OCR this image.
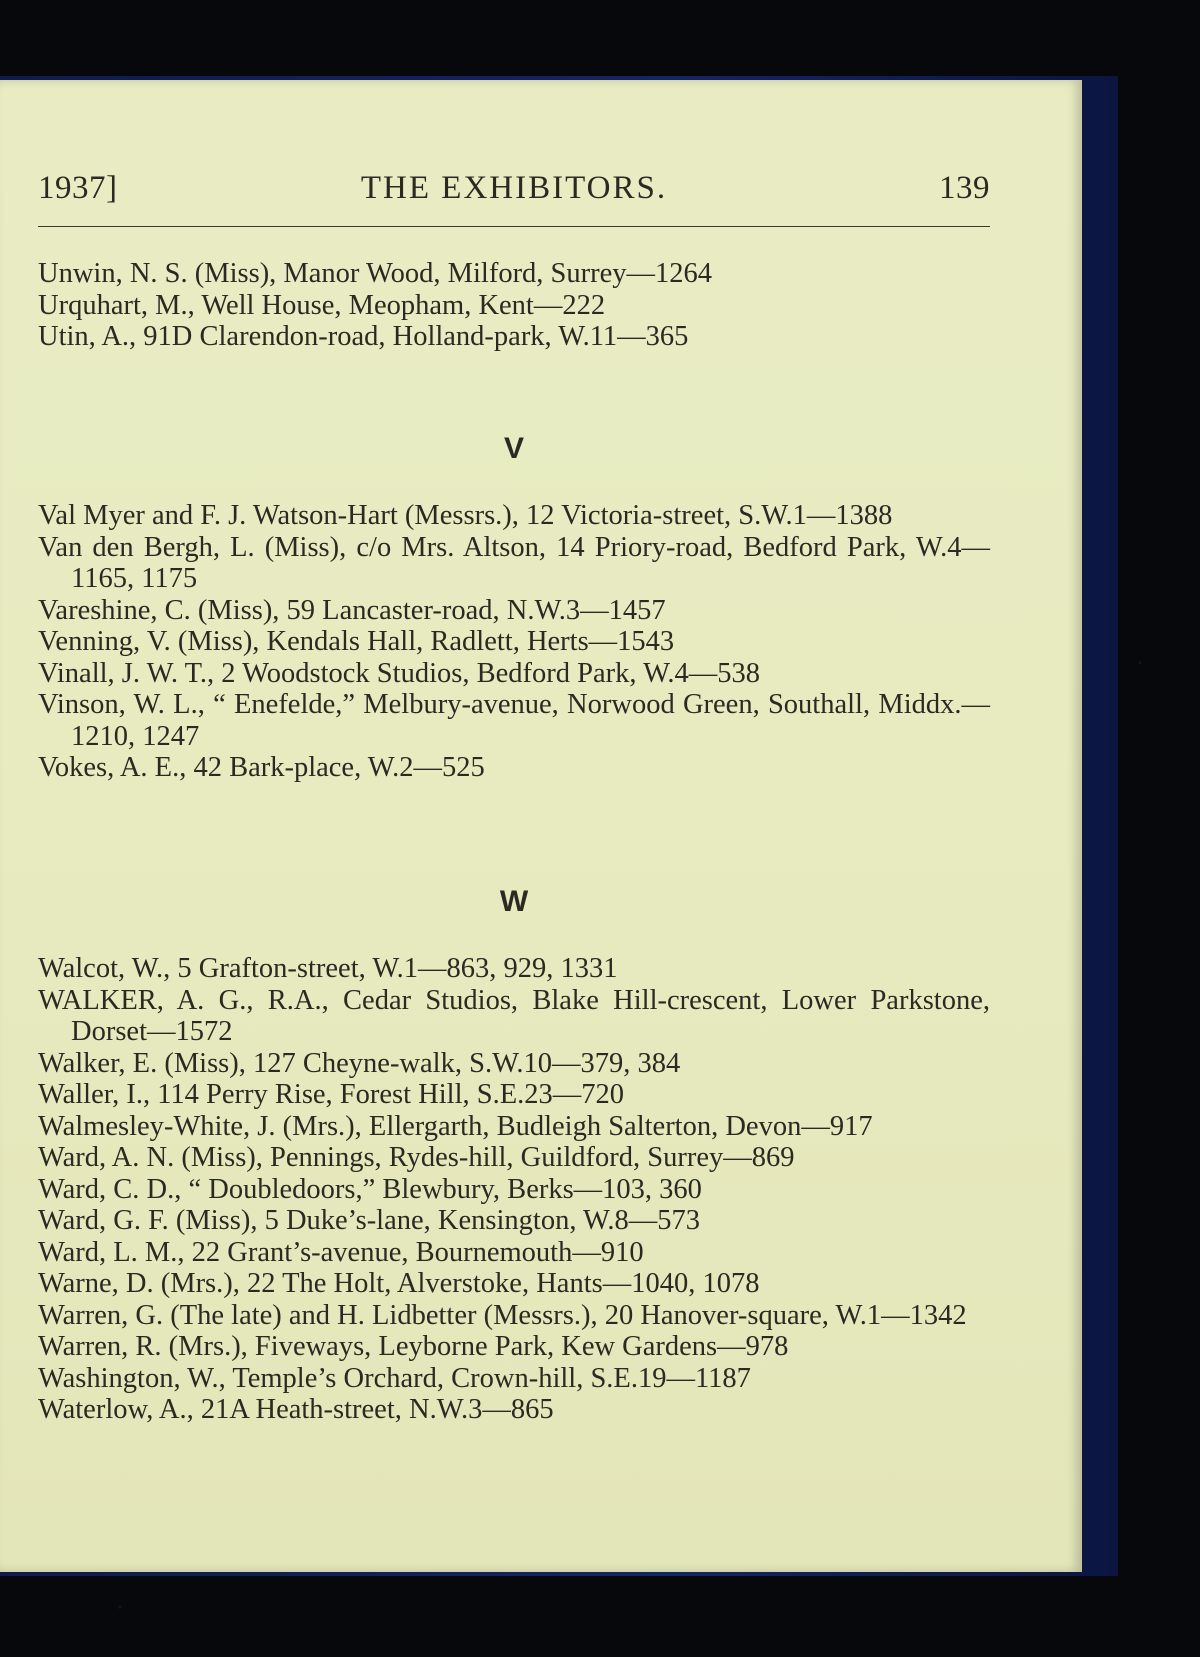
1937]	THE EXHIBITORS.	139
Unwin, N. S. (Miss), Manor Wood, Milford, Surrey—1264
Urquhart, M., Well House, Meopham, Kent—222
Utin, A., 91D Clarendon-road, Holland-park, W.11—365
V
Val Myer and F. J. Watson-Hart (Messrs.), 12 Victoria-street, S.W.1—1388
Van den Bergh, L. (Miss), c/o Mrs. Altson, 14 Priory-road, Bedford Park, W.4—1165, 1175
Vareshine, C. (Miss), 59 Lancaster-road, N.W.3—1457
Venning, V. (Miss), Kendals Hall, Radlett, Herts—1543
Vinall, J. W. T., 2 Woodstock Studios, Bedford Park, W.4—538
Vinson, W. L., “ Enefelde,” Melbury-avenue, Norwood Green, Southall, Middx.—1210, 1247
Vokes, A. E., 42 Bark-place, W.2—525
W
Walcot, W., 5 Grafton-street, W.1—863, 929, 1331
WALKER, A. G., R.A., Cedar Studios, Blake Hill-crescent, Lower Parkstone, Dorset—1572
Walker, E. (Miss), 127 Cheyne-walk, S.W.10—379, 384
Waller, I., 114 Perry Rise, Forest Hill, S.E.23—720
Walmesley-White, J. (Mrs.), Ellergarth, Budleigh Salterton, Devon—917
Ward, A. N. (Miss), Pennings, Rydes-hill, Guildford, Surrey—869
Ward, C. D., “ Doubledoors,” Blewbury, Berks—103, 360
Ward, G. F. (Miss), 5 Duke’s-lane, Kensington, W.8—573
Ward, L. M., 22 Grant’s-avenue, Bournemouth—910
Warne, D. (Mrs.), 22 The Holt, Alverstoke, Hants—1040, 1078
Warren, G. (The late) and H. Lidbetter (Messrs.), 20 Hanover-square, W.1—1342
Warren, R. (Mrs.), Fiveways, Leyborne Park, Kew Gardens—978
Washington, W., Temple’s Orchard, Crown-hill, S.E.19—1187
Waterlow, A., 21A Heath-street, N.W.3—865
